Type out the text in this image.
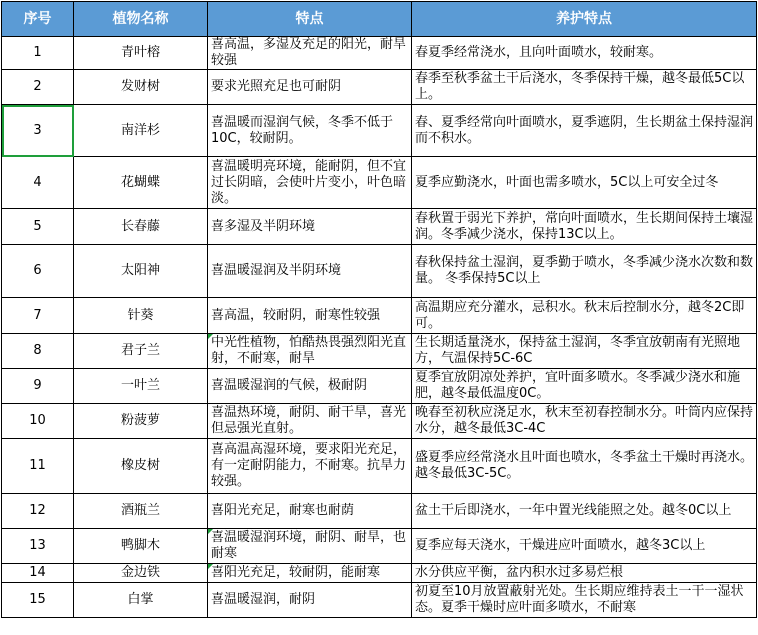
序号	植物名称	特点	养护特点
1	青叶榕	喜高温，多湿及充足的阳光，耐旱较强	春夏季经常浇水，且向叶面喷水，较耐寒。
2	发财树	要求光照充足也可耐阴	春季至秋季盆土干后浇水，冬季保持干燥，越冬最低5C以上。
3	南洋杉	喜温暖而湿润气候，冬季不低于10C，较耐阴。	春、夏季经常向叶面喷水，夏季遮阴，生长期盆土保持湿润而不积水。
4	花蝴蝶	喜温暖明亮环境，能耐阴，但不宜过长阴暗，会使叶片变小，叶色暗淡。	夏季应勤浇水，叶面也需多喷水，5C以上可安全过冬
5	长春藤	喜多湿及半阴环境	春秋置于弱光下养护，常向叶面喷水，生长期间保持土壤湿润。冬季减少浇水，保持13C以上。
6	太阳神	喜温暖湿润及半阴环境	春秋保持盆土湿润，夏季勤于喷水，冬季减少浇水次数和数量。 冬季保持5C以上
7	针葵	喜高温，较耐阴，耐寒性较强	高温期应充分灌水，忌积水。秋末后控制水分，越冬2C即可。
8	君子兰	中光性植物，怕酷热畏强烈阳光直射，不耐寒，耐旱	生长期适量浇水，保持盆土湿润，冬季宜放朝南有光照地方，气温保持5C-6C
9	一叶兰	喜温暖湿润的气候，极耐阴	夏季宜放阴凉处养护，宜叶面多喷水。冬季减少浇水和施肥，越冬最低温度0C。
10	粉菠萝	喜温热环境，耐阴、耐干旱，喜光但忌强光直射。	晚春至初秋应浇足水，秋末至初春控制水分。叶筒内应保持水分，越冬最低3C-4C
11	橡皮树	喜高温高湿环境，要求阳光充足，有一定耐阴能力，不耐寒。抗旱力较强。	盛夏季应经常浇水且叶面也喷水，冬季盆土干燥时再浇水。越冬最低3C-5C。
12	酒瓶兰	喜阳光充足，耐寒也耐荫	盆土干后即浇水，一年中置光线能照之处。越冬0C以上
13	鸭脚木	喜温暖湿润环境，耐阴、耐旱，也耐寒	夏季应每天浇水，干燥进应叶面喷水，越冬3C以上
14	金边铁	喜阳光充足，较耐阴，能耐寒	水分供应平衡，盆内积水过多易烂根
15	白掌	喜温暖湿润，耐阴	初夏至10月放置蔽射光处。生长期应维持表土一干一湿状态。夏季干燥时应叶面多喷水，不耐寒
